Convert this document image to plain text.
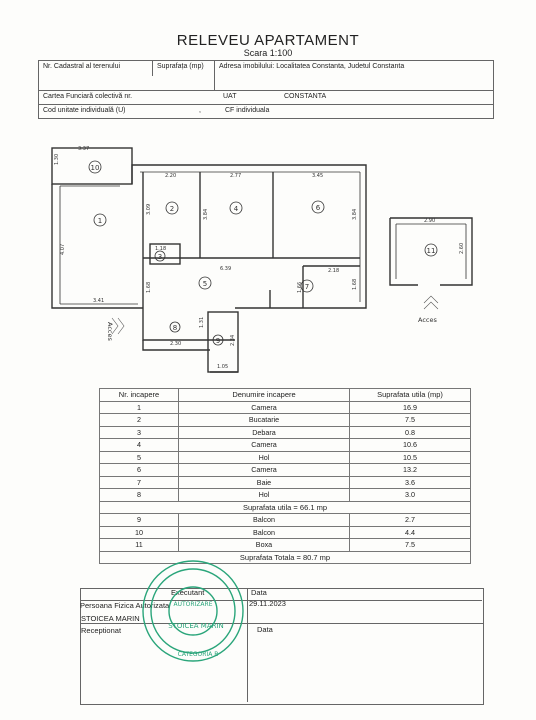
RELEVEU APARTAMENT
Scara 1:100
Nr. Cadastral al terenului	Suprafața (mp) Adresa imobilului: Localitatea Constanta, Judetul Constanta
Cartea Funciară colectivă nr.	UAT	CONSTANTA
Cod unitate individuală (U)	,	CF individuala
10
1
2
3
4
5
6
7
8
9
11
3.37
1.30
2.20	2.77	3.45
3.09	3.84	3.84
4.07	1.18
6.39	2.18
3.41
1.68	1.66	1.68
1.31
2.30	2.34
1.05
2.90
2.60
Acces
Acces
Nr. incapere	Denumire incapere	Suprafata utila (mp)
1	Camera	16.9
2	Bucatarie	7.5
3	Debara	0.8
4	Camera	10.6
5	Hol	10.5
6	Camera	13.2
7	Baie	3.6
8	Hol	3.0
Suprafata utila = 66.1 mp		
9	Balcon	2.7
10	Balcon	4.4
11	Boxa	7.5
Suprafata Totala = 80.7 mp		
Executant	Data
Persoana Fizica Autorizata
STOICEA MARIN
29.11.2023
Receptionat	Data
AUTORIZARE
STOICEA MARIN
CATEGORIA B
